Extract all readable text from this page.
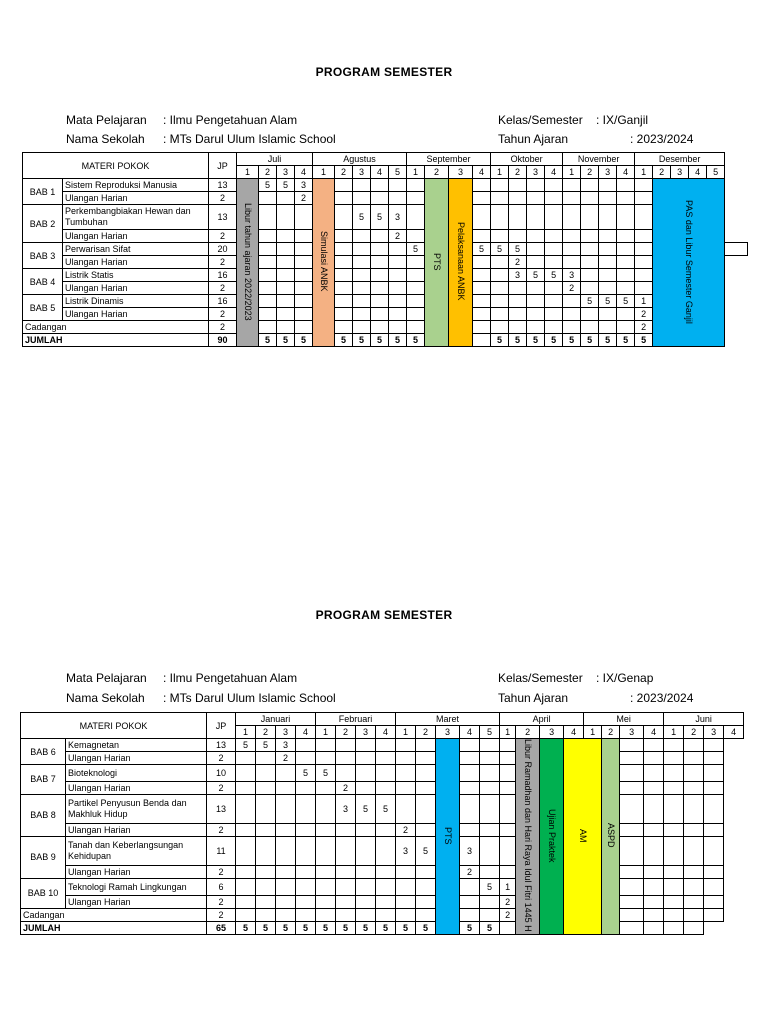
PROGRAM SEMESTER
Mata Pelajaran : Ilmu Pengetahuan Alam
Nama Sekolah : MTs Darul Ulum Islamic School
Kelas/Semester : IX/Ganjil
Tahun Ajaran	: 2023/2024
MATERI POKOK		JP	Juli				Agustus					September				Oktober				November				Desember					
			1	2	3	4	1	2	3	4	5	1	2	3	4	1	2	3	4	1	2	3	4	1	2	3	4	5	
BAB 1	Sistem Reproduksi Manusia	13	Libur tahun ajaran 2022/2023	5	5	3	Simulasi ANBK						PTS	Pelaksanaan ANBK											PAS dan Libur Semester Ganjil				
	Ulangan Harian	2				2																							
BAB 2	Perkembangbiakan Hewan dan Tumbuhan	13							5	5	3																		
	Ulangan Harian	2									2																		
BAB 3	Perwarisan Sifat	20										5			5	5	5												
	Ulangan Harian	2															2												
BAB 4	Listrik Statis	16															3	5	5	3									
	Ulangan Harian	2																		2									
BAB 5	Listrik Dinamis	16																			5	5	5	1					
	Ulangan Harian	2																						2					
Cadangan		2																						2					
JUMLAH		90		5	5	5		5	5	5	5	5				5	5	5	5	5	5	5	5	5					
PROGRAM SEMESTER
Mata Pelajaran : Ilmu Pengetahuan Alam
Nama Sekolah : MTs Darul Ulum Islamic School
Kelas/Semester : IX/Genap
Tahun Ajaran	: 2023/2024
MATERI POKOK		JP	Januari				Februari				Maret					April				Mei				Juni			
			1	2	3	4	1	2	3	4	1	2	3	4	5	1	2	3	4	1	2	3	4	1	2	3	4
BAB 6	Kemagnetan	13	5	5	3								PTS				Libur Ramadhan dan Hari Raya Idul Fitri 1445 H	Ujian Praktek	AM		ASPD						
	Ulangan Harian	2			2																						
BAB 7	Bioteknologi	10				5	5																				
	Ulangan Harian	2						2																			
BAB 8	Partikel Penyusun Benda dan Makhluk Hidup	13						3	5	5																	
	Ulangan Harian	2									2																
BAB 9	Tanah dan Keberlangsungan Kehidupan	11									3	5		3													
	Ulangan Harian	2												2													
BAB 10	Teknologi Ramah Lingkungan	6													5	1											
	Ulangan Harian	2														2											
Cadangan		2														2											
JUMLAH		65	5	5	5	5	5	5	5	5	5	5		5	5												
